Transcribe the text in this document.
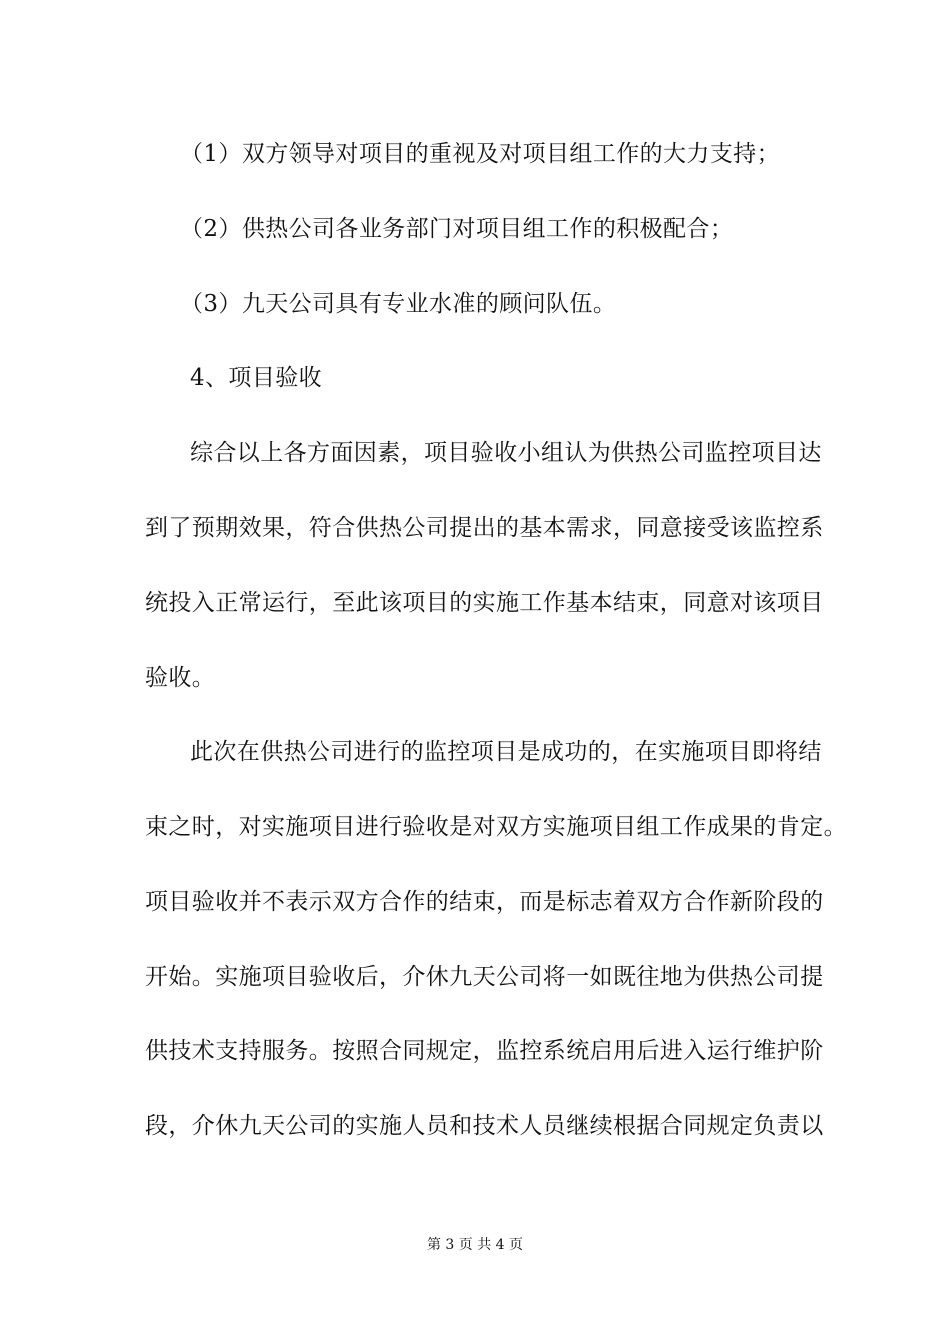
（1）双方领导对项目的重视及对项目组工作的大力支持；
（2）供热公司各业务部门对项目组工作的积极配合；
（3）九天公司具有专业水准的顾问队伍。
4、项目验收
综合以上各方面因素，项目验收小组认为供热公司监控项目达
到了预期效果，符合供热公司提出的基本需求，同意接受该监控系
统投入正常运行，至此该项目的实施工作基本结束，同意对该项目
验收。
此次在供热公司进行的监控项目是成功的，在实施项目即将结
束之时，对实施项目进行验收是对双方实施项目组工作成果的肯定。
项目验收并不表示双方合作的结束，而是标志着双方合作新阶段的
开始。实施项目验收后，介休九天公司将一如既往地为供热公司提
供技术支持服务。按照合同规定，监控系统启用后进入运行维护阶
段，介休九天公司的实施人员和技术人员继续根据合同规定负责以
第 3 页 共 4 页
